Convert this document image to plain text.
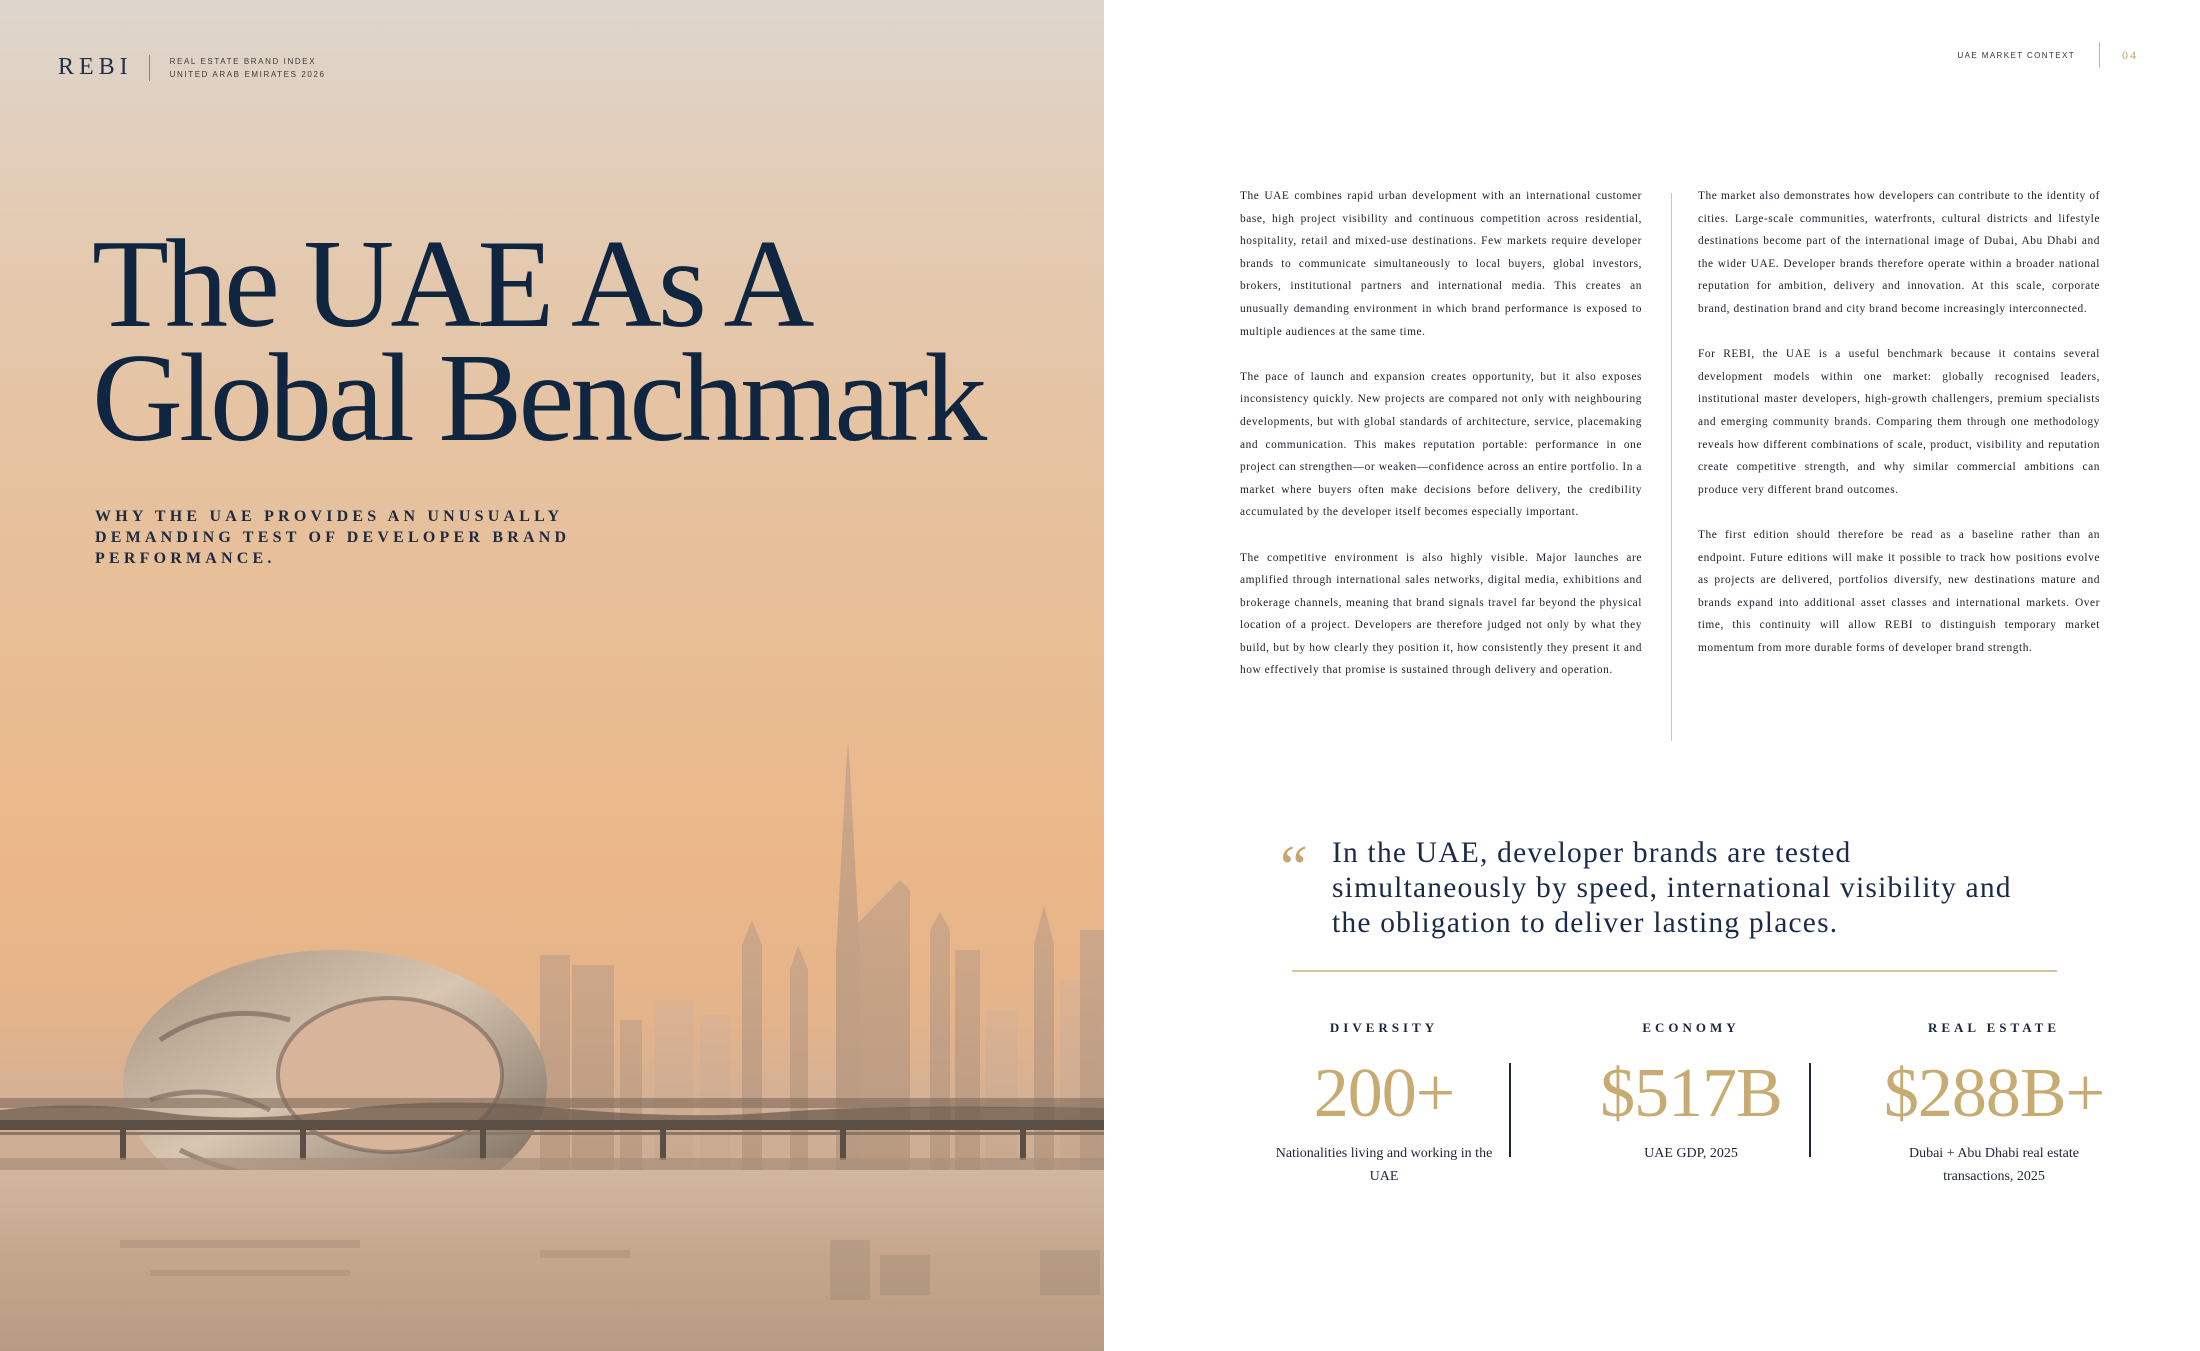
REBI	REAL ESTATE BRAND INDEX
UNITED ARAB EMIRATES 2026
The UAE As A
Global Benchmark

WHY THE UAE PROVIDES AN UNUSUALLY DEMANDING TEST OF DEVELOPER BRAND PERFORMANCE.

UAE MARKET CONTEXT	04

The UAE combines rapid urban development with an international customer base, high project visibility and continuous competition across residential, hospitality, retail and mixed-use destinations. Few markets require developer brands to communicate simultaneously to local buyers, global investors, brokers, institutional partners and international media. This creates an unusually demanding environment in which brand performance is exposed to multiple audiences at the same time.

The pace of launch and expansion creates opportunity, but it also exposes inconsistency quickly. New projects are compared not only with neighbouring developments, but with global standards of architecture, service, placemaking and communication. This makes reputation portable: performance in one project can strengthen—or weaken—confidence across an entire portfolio. In a market where buyers often make decisions before delivery, the credibility accumulated by the developer itself becomes especially important.

The competitive environment is also highly visible. Major launches are amplified through international sales networks, digital media, exhibitions and brokerage channels, meaning that brand signals travel far beyond the physical location of a project. Developers are therefore judged not only by what they build, but by how clearly they position it, how consistently they present it and how effectively that promise is sustained through delivery and operation.

The market also demonstrates how developers can contribute to the identity of cities. Large-scale communities, waterfronts, cultural districts and lifestyle destinations become part of the international image of Dubai, Abu Dhabi and the wider UAE. Developer brands therefore operate within a broader national reputation for ambition, delivery and innovation. At this scale, corporate brand, destination brand and city brand become increasingly interconnected.

For REBI, the UAE is a useful benchmark because it contains several development models within one market: globally recognised leaders, institutional master developers, high-growth challengers, premium specialists and emerging community brands. Comparing them through one methodology reveals how different combinations of scale, product, visibility and reputation create competitive strength, and why similar commercial ambitions can produce very different brand outcomes.

The first edition should therefore be read as a baseline rather than an endpoint. Future editions will make it possible to track how positions evolve as projects are delivered, portfolios diversify, new destinations mature and brands expand into additional asset classes and international markets. Over time, this continuity will allow REBI to distinguish temporary market momentum from more durable forms of developer brand strength.

“ In the UAE, developer brands are tested simultaneously by speed, international visibility and the obligation to deliver lasting places.

DIVERSITY
200+
Nationalities living and working in the UAE
ECONOMY
$517B
UAE GDP, 2025
REAL ESTATE
$288B+
Dubai + Abu Dhabi real estate transactions, 2025
